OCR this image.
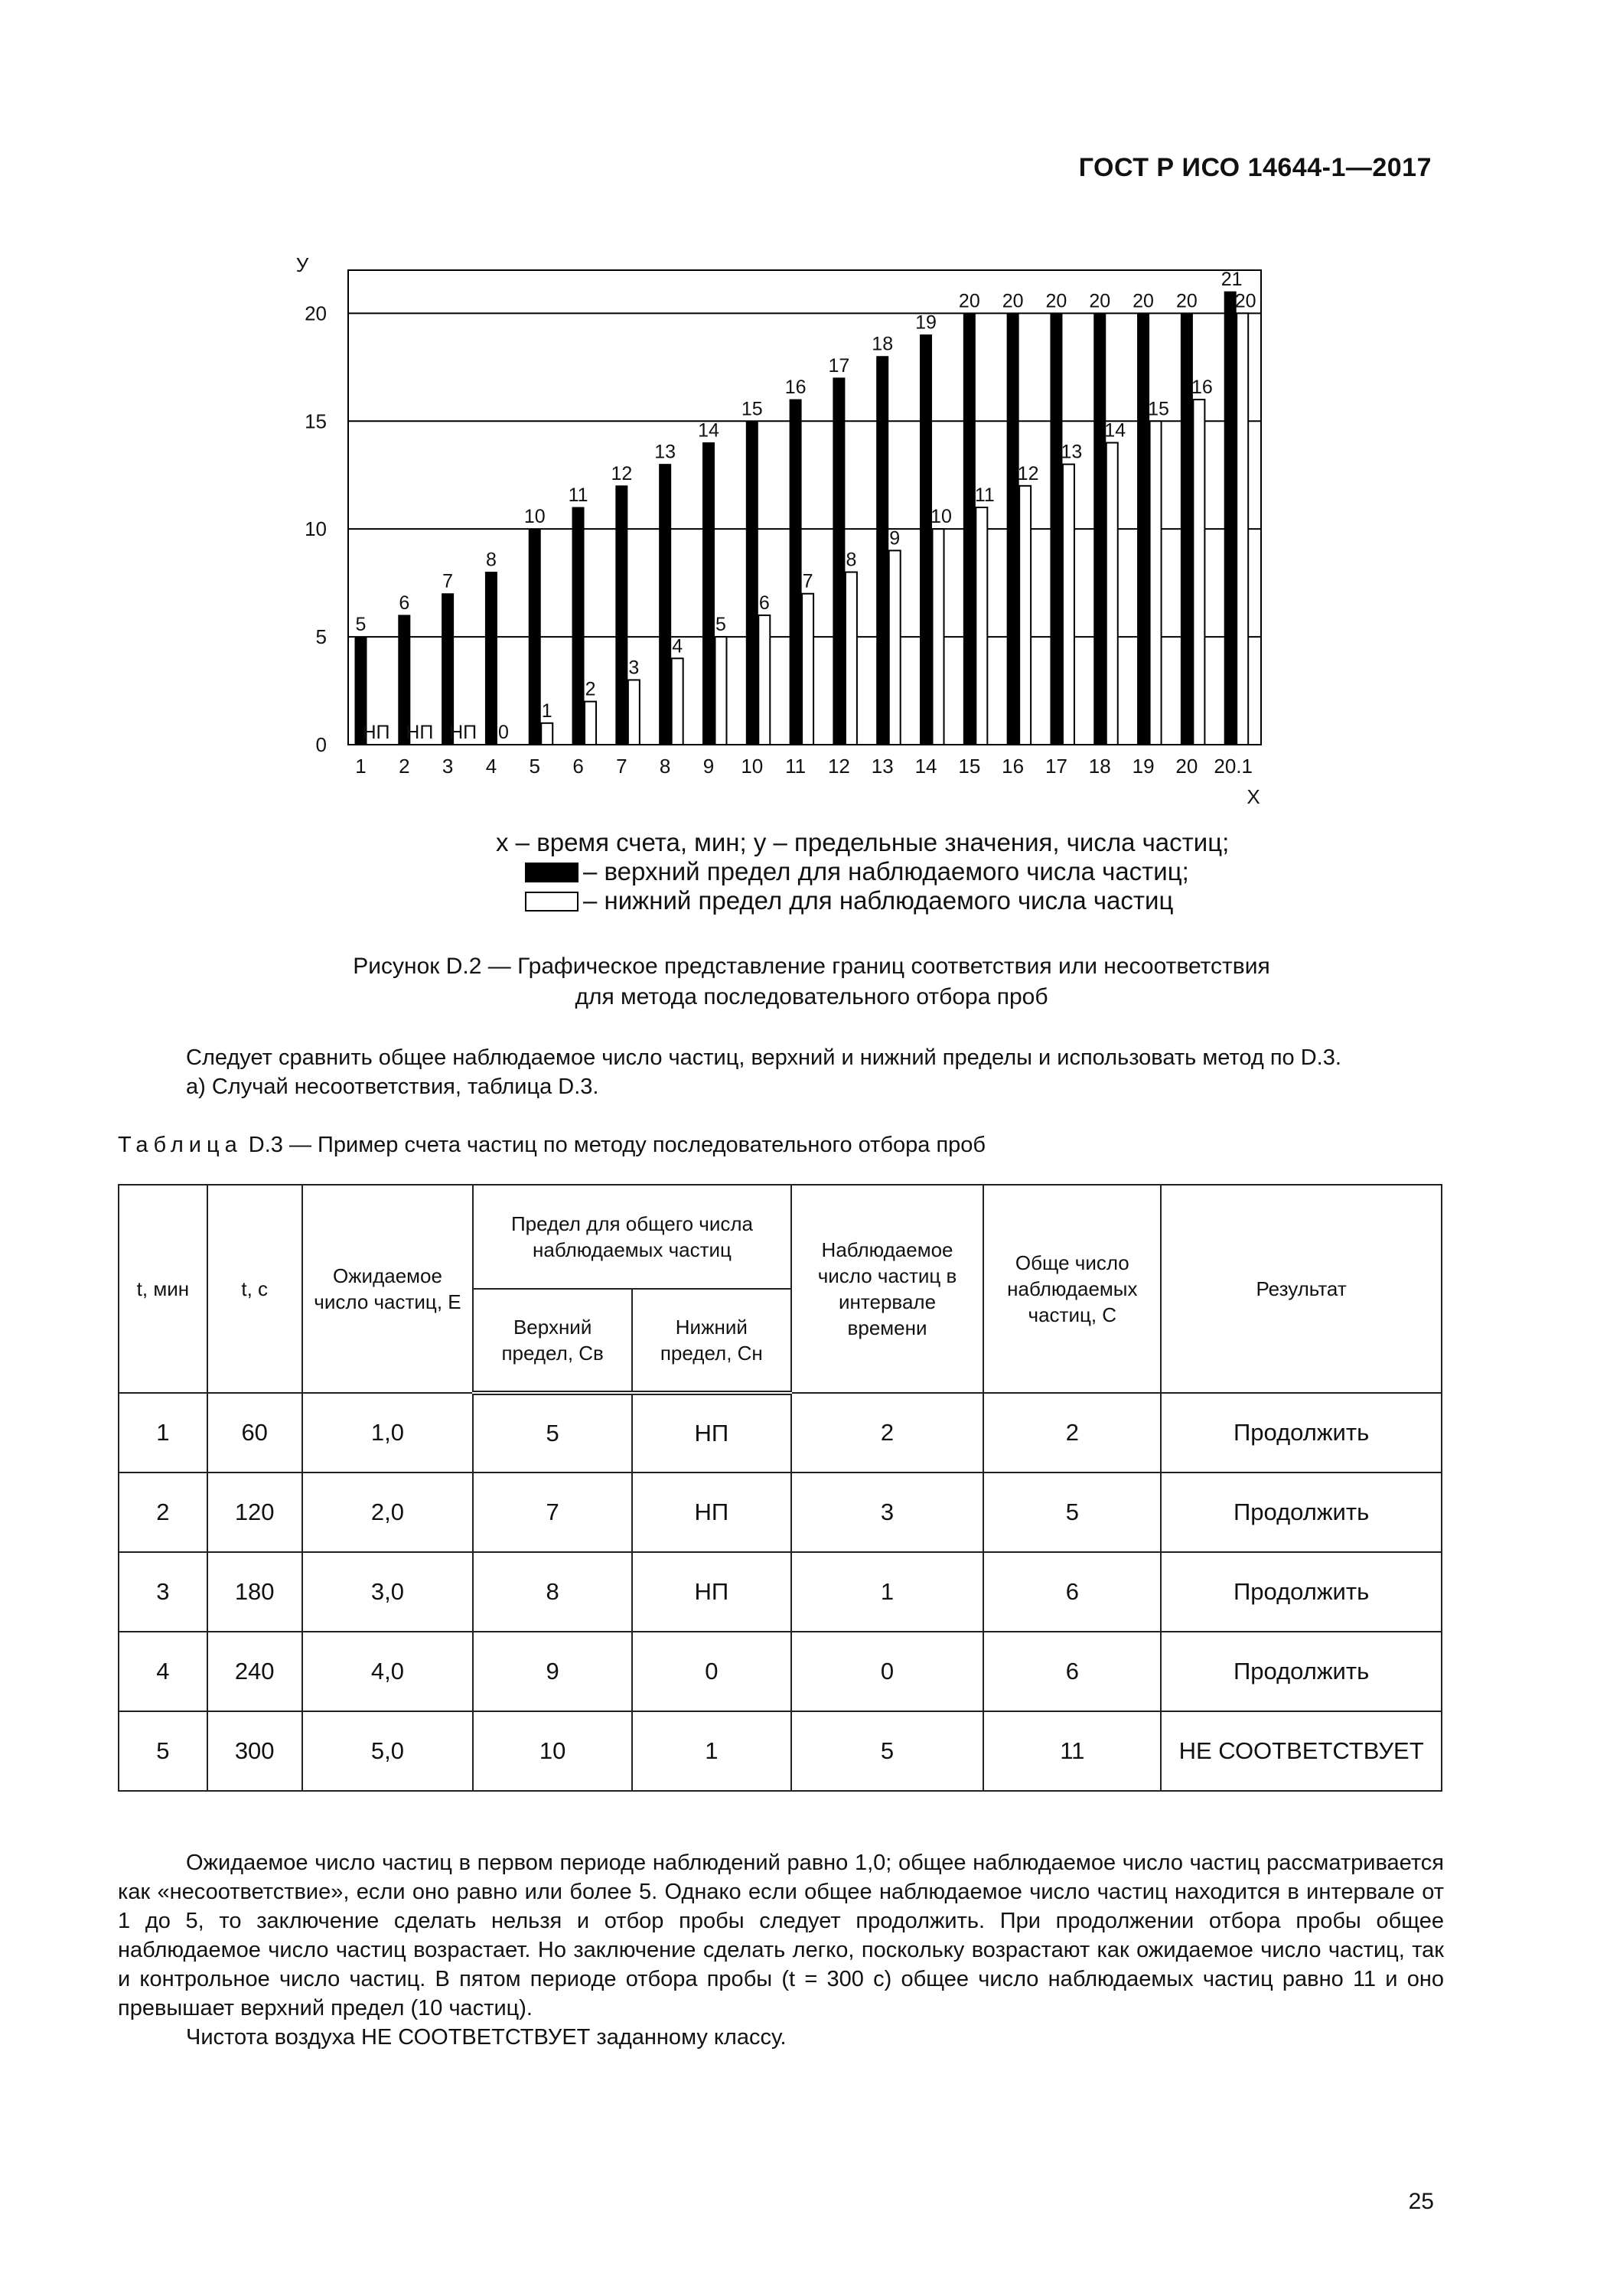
ГОСТ Р ИСО 14644-1—2017
0
5
10
15
20
У
Х
5
НП
1
6
НП
2
7
НП
3
8
0
4
10
1
5
11
2
6
12
3
7
13
4
8
14
5
9
15
6
10
16
7
11
17
8
12
18
9
13
19
10
14
20
11
15
20
12
16
20
13
17
20
14
18
20
15
19
20
16
20
21
20
20.1
х – время счета, мин; у – предельные значения, числа частиц;
– верхний предел для наблюдаемого числа частиц;
– нижний предел для наблюдаемого числа частиц
Рисунок D.2 — Графическое представление границ соответствия или несоответствия
для метода последовательного отбора проб
Следует сравнить общее наблюдаемое число частиц, верхний и нижний пределы и использовать метод по D.3.
а) Случай несоответствия, таблица D.3.
Таблица D.3 — Пример счета частиц по методу последовательного отбора проб
t, мин	t, с	Ожидаемое число частиц, E	Предел для общего числа наблюдаемых частиц		Наблюдаемое число частиц в интервале времени	Обще число наблюдаемых частиц, C	Результат
			Верхний предел, Cв	Нижний предел, Cн			
1	60	1,0	5	НП	2	2	Продолжить
2	120	2,0	7	НП	3	5	Продолжить
3	180	3,0	8	НП	1	6	Продолжить
4	240	4,0	9	0	0	6	Продолжить
5	300	5,0	10	1	5	11	НЕ СООТВЕТСТВУЕТ
Ожидаемое число частиц в первом периоде наблюдений равно 1,0; общее наблюдаемое число частиц рассматривается как «несоответствие», если оно равно или более 5. Однако если общее наблюдаемое число частиц находится в интервале от 1 до 5, то заключение сделать нельзя и отбор пробы следует продолжить. При продолжении отбора пробы общее наблюдаемое число частиц возрастает. Но заключение сделать легко, поскольку возрастают как ожидаемое число частиц, так и контрольное число частиц. В пятом периоде отбора пробы (t = 300 с) общее число наблюдаемых частиц равно 11 и оно превышает верхний предел (10 частиц).
Чистота воздуха НЕ СООТВЕТСТВУЕТ заданному классу.
25
